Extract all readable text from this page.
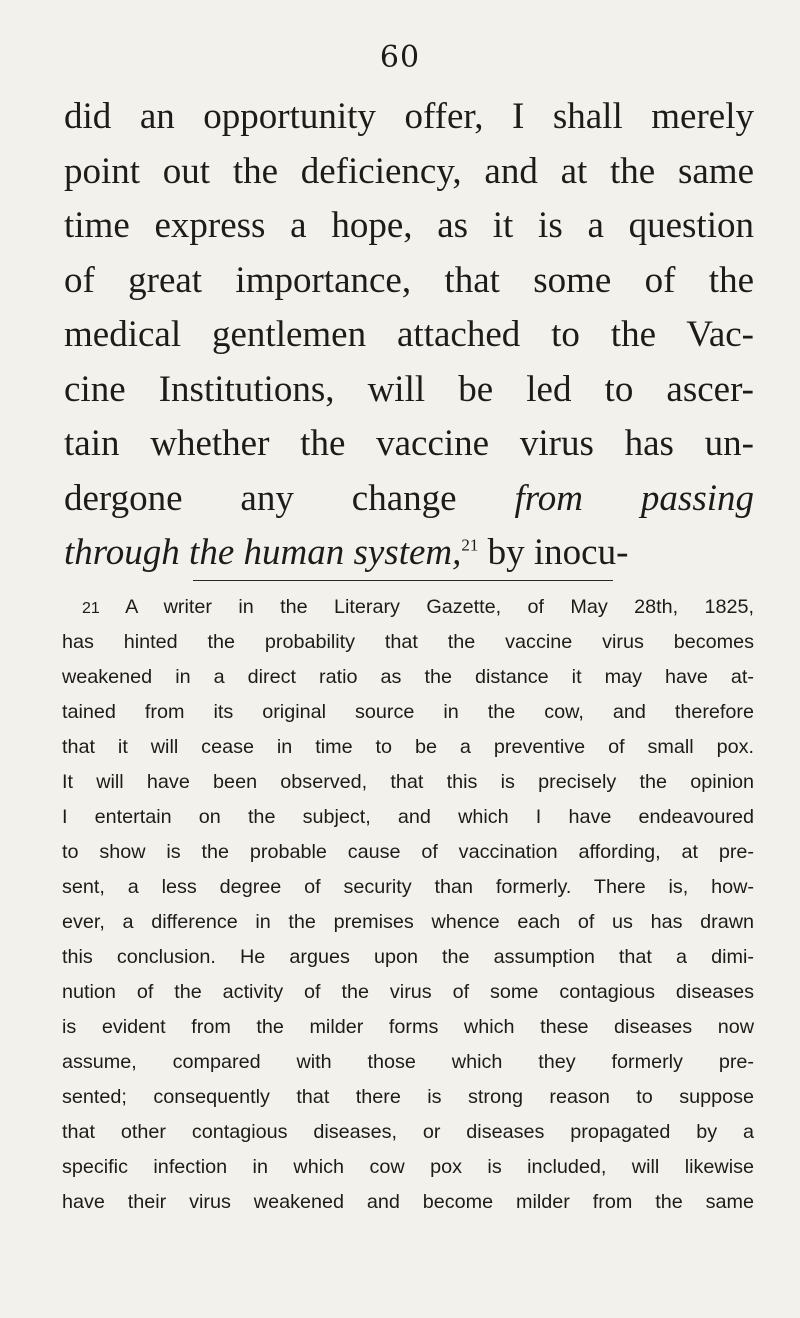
60
did an opportunity offer, I shall merely
point out the deficiency, and at the same
time express a hope, as it is a question
of great importance, that some of the
medical gentlemen attached to the Vac-
cine Institutions, will be led to ascer-
tain whether the vaccine virus has un-
dergone any change from passing
through the human system,$^{21}$ by inocu-
21 A writer in the Literary Gazette, of May 28th, 1825,
has hinted the probability that the vaccine virus becomes
weakened in a direct ratio as the distance it may have at-
tained from its original source in the cow, and therefore
that it will cease in time to be a preventive of small pox.
It will have been observed, that this is precisely the opinion
I entertain on the subject, and which I have endeavoured
to show is the probable cause of vaccination affording, at pre-
sent, a less degree of security than formerly. There is, how-
ever, a difference in the premises whence each of us has drawn
this conclusion. He argues upon the assumption that a dimi-
nution of the activity of the virus of some contagious diseases
is evident from the milder forms which these diseases now
assume, compared with those which they formerly pre-
sented; consequently that there is strong reason to suppose
that other contagious diseases, or diseases propagated by a
specific infection in which cow pox is included, will likewise
have their virus weakened and become milder from the same
